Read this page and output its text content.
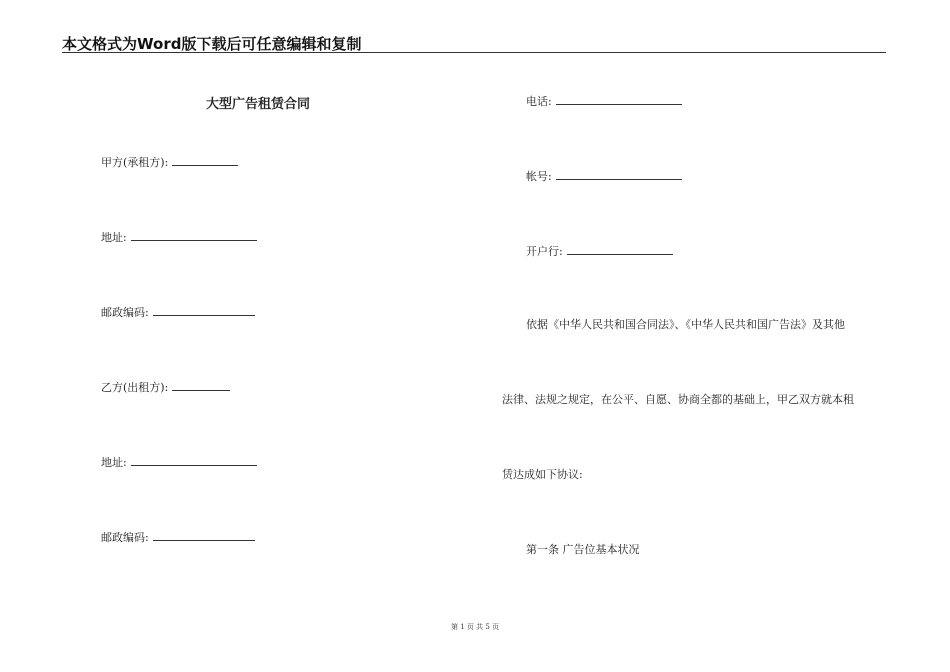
本文格式为Word版下载后可任意编辑和复制
大型广告租赁合同
甲方(承租方):
地址:
邮政编码:
乙方(出租方):
地址:
邮政编码:
电话:
帐号:
开户行:
依据《中华人民共和国合同法》、《中华人民共和国广告法》及其他
法律、法规之规定，在公平、自愿、协商全都的基础上，甲乙双方就本租
赁达成如下协议:
第一条 广告位基本状况
第 1 页 共 5 页
